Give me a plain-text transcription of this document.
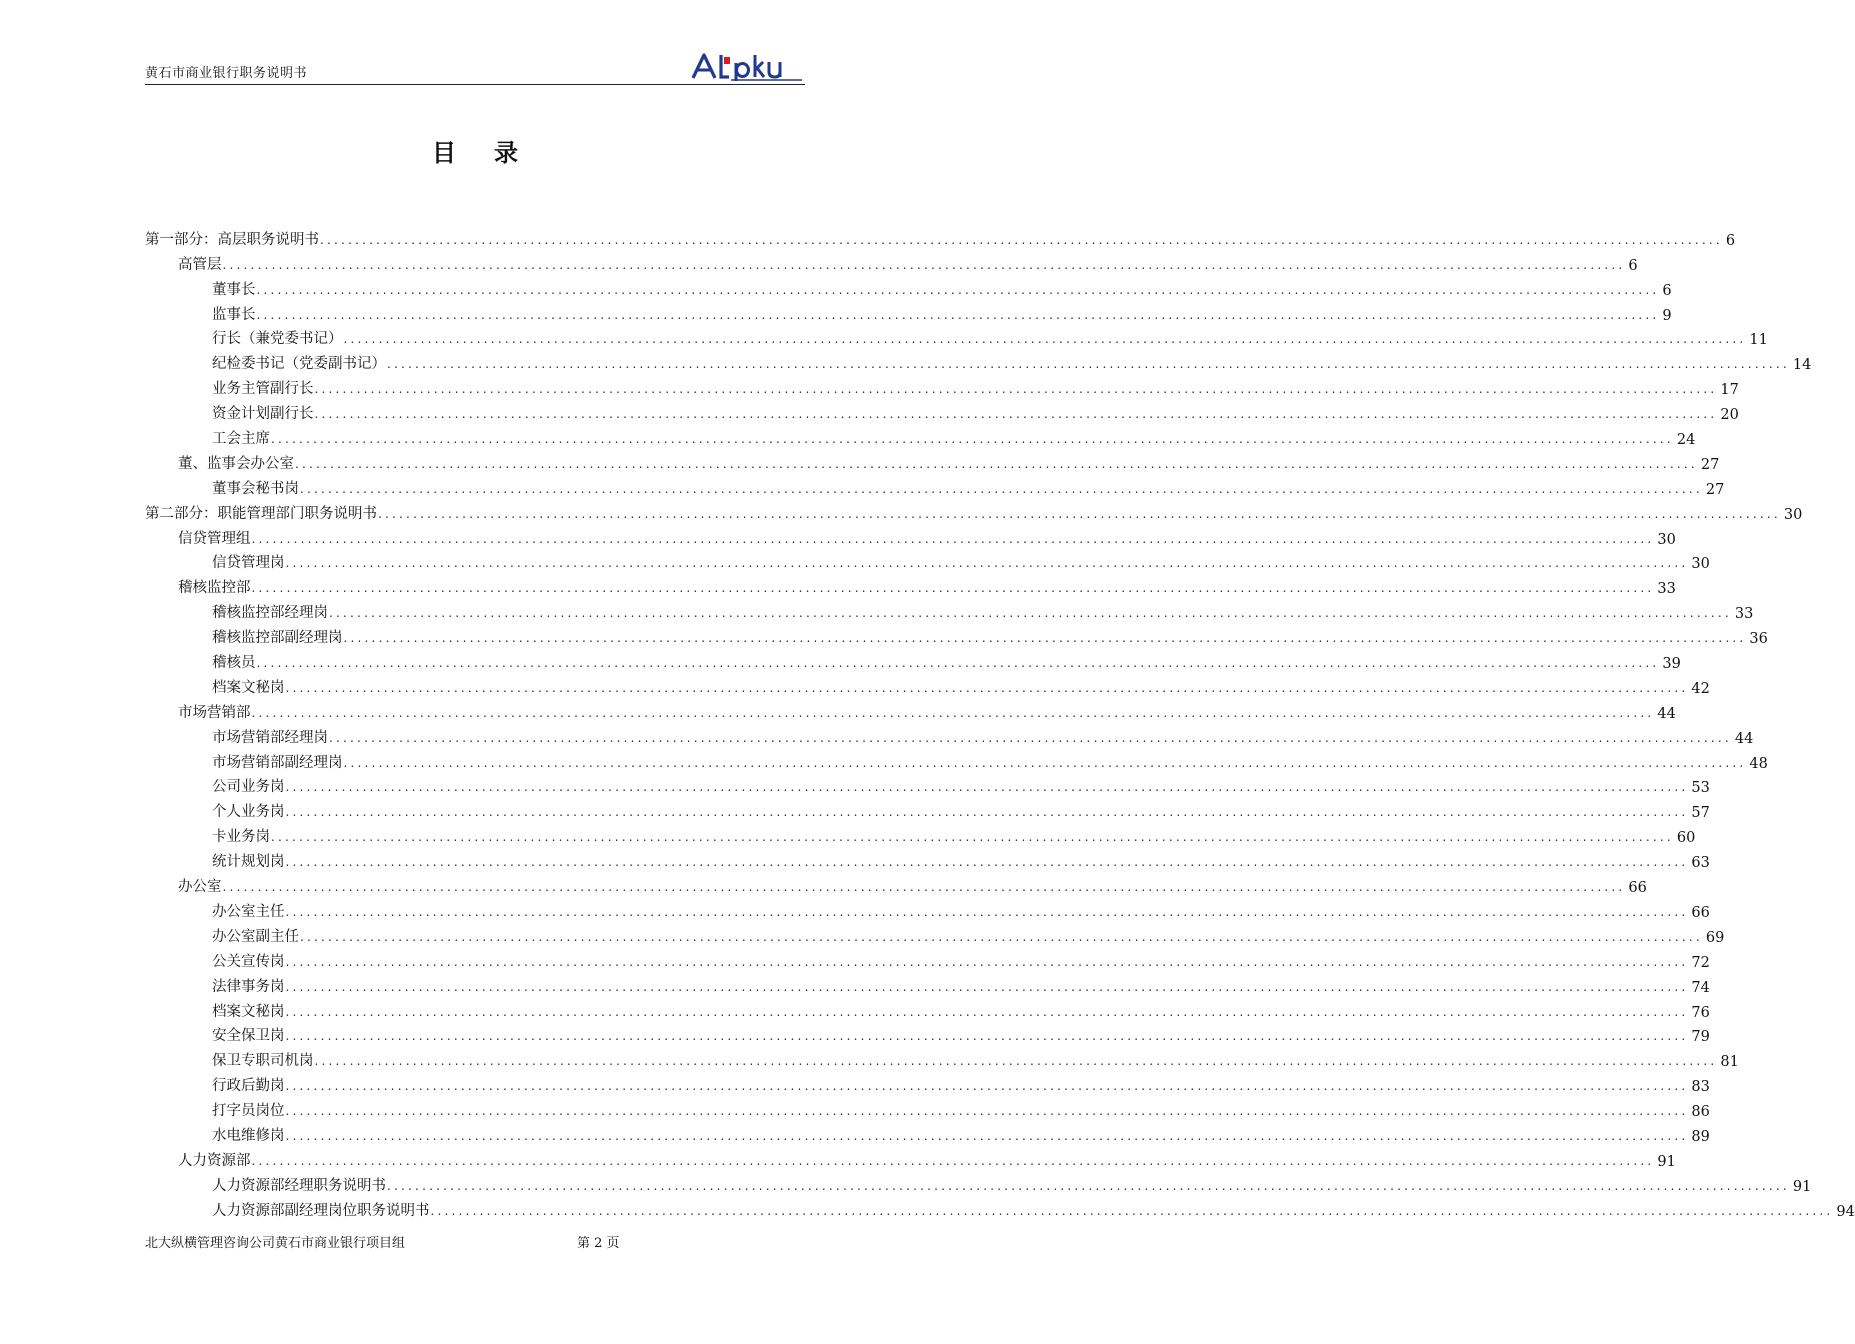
黄石市商业银行职务说明书
目录
第一部分：高层职务说明书 ........................................................................................................................................................................................................ 6
高管层 ........................................................................................................................................................................................................ 6
董事长 ........................................................................................................................................................................................................ 6
监事长 ........................................................................................................................................................................................................ 9
行长（兼党委书记） ........................................................................................................................................................................................................ 11
纪检委书记（党委副书记） ........................................................................................................................................................................................................ 14
业务主管副行长 ........................................................................................................................................................................................................ 17
资金计划副行长 ........................................................................................................................................................................................................ 20
工会主席 ........................................................................................................................................................................................................ 24
董、监事会办公室 ........................................................................................................................................................................................................ 27
董事会秘书岗 ........................................................................................................................................................................................................ 27
第二部分：职能管理部门职务说明书 ........................................................................................................................................................................................................ 30
信贷管理组 ........................................................................................................................................................................................................ 30
信贷管理岗 ........................................................................................................................................................................................................ 30
稽核监控部 ........................................................................................................................................................................................................ 33
稽核监控部经理岗 ........................................................................................................................................................................................................ 33
稽核监控部副经理岗 ........................................................................................................................................................................................................ 36
稽核员 ........................................................................................................................................................................................................ 39
档案文秘岗 ........................................................................................................................................................................................................ 42
市场营销部 ........................................................................................................................................................................................................ 44
市场营销部经理岗 ........................................................................................................................................................................................................ 44
市场营销部副经理岗 ........................................................................................................................................................................................................ 48
公司业务岗 ........................................................................................................................................................................................................ 53
个人业务岗 ........................................................................................................................................................................................................ 57
卡业务岗 ........................................................................................................................................................................................................ 60
统计规划岗 ........................................................................................................................................................................................................ 63
办公室 ........................................................................................................................................................................................................ 66
办公室主任 ........................................................................................................................................................................................................ 66
办公室副主任 ........................................................................................................................................................................................................ 69
公关宣传岗 ........................................................................................................................................................................................................ 72
法律事务岗 ........................................................................................................................................................................................................ 74
档案文秘岗 ........................................................................................................................................................................................................ 76
安全保卫岗 ........................................................................................................................................................................................................ 79
保卫专职司机岗 ........................................................................................................................................................................................................ 81
行政后勤岗 ........................................................................................................................................................................................................ 83
打字员岗位 ........................................................................................................................................................................................................ 86
水电维修岗 ........................................................................................................................................................................................................ 89
人力资源部 ........................................................................................................................................................................................................ 91
人力资源部经理职务说明书 ........................................................................................................................................................................................................ 91
人力资源部副经理岗位职务说明书 ........................................................................................................................................................................................................ 94
北大纵横管理咨询公司黄石市商业银行项目组	第 2 页
